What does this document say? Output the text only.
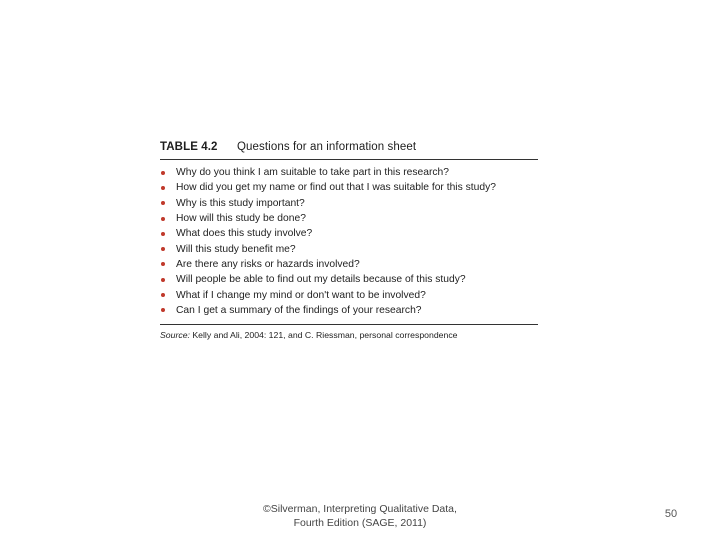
TABLE 4.2	Questions for an information sheet
Why do you think I am suitable to take part in this research?
How did you get my name or find out that I was suitable for this study?
Why is this study important?
How will this study be done?
What does this study involve?
Will this study benefit me?
Are there any risks or hazards involved?
Will people be able to find out my details because of this study?
What if I change my mind or don't want to be involved?
Can I get a summary of the findings of your research?
Source: Kelly and Ali, 2004: 121, and C. Riessman, personal correspondence
©Silverman, Interpreting Qualitative Data,
Fourth Edition (SAGE, 2011)
50
